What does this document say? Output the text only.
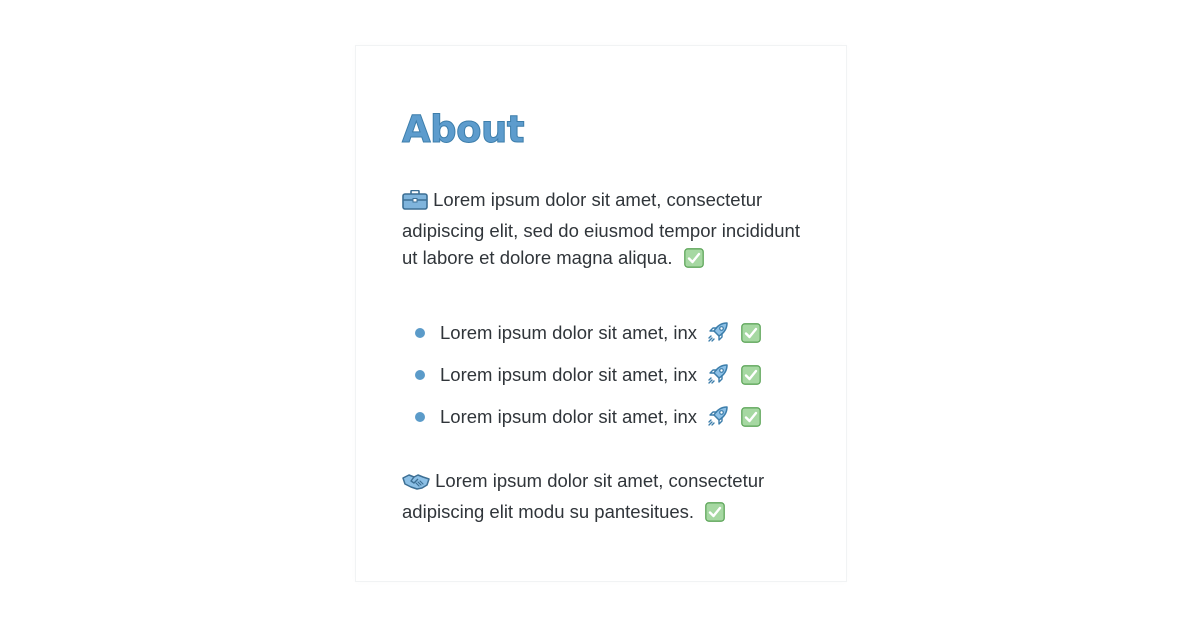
About

Lorem ipsum dolor sit amet, consectetur adipiscing elit, sed do eiusmod tempor incididunt ut labore et dolore magna aliqua.

Lorem ipsum dolor sit amet, inx
Lorem ipsum dolor sit amet, inx
Lorem ipsum dolor sit amet, inx

Lorem ipsum dolor sit amet, consectetur adipiscing elit modu su pantesitues.
